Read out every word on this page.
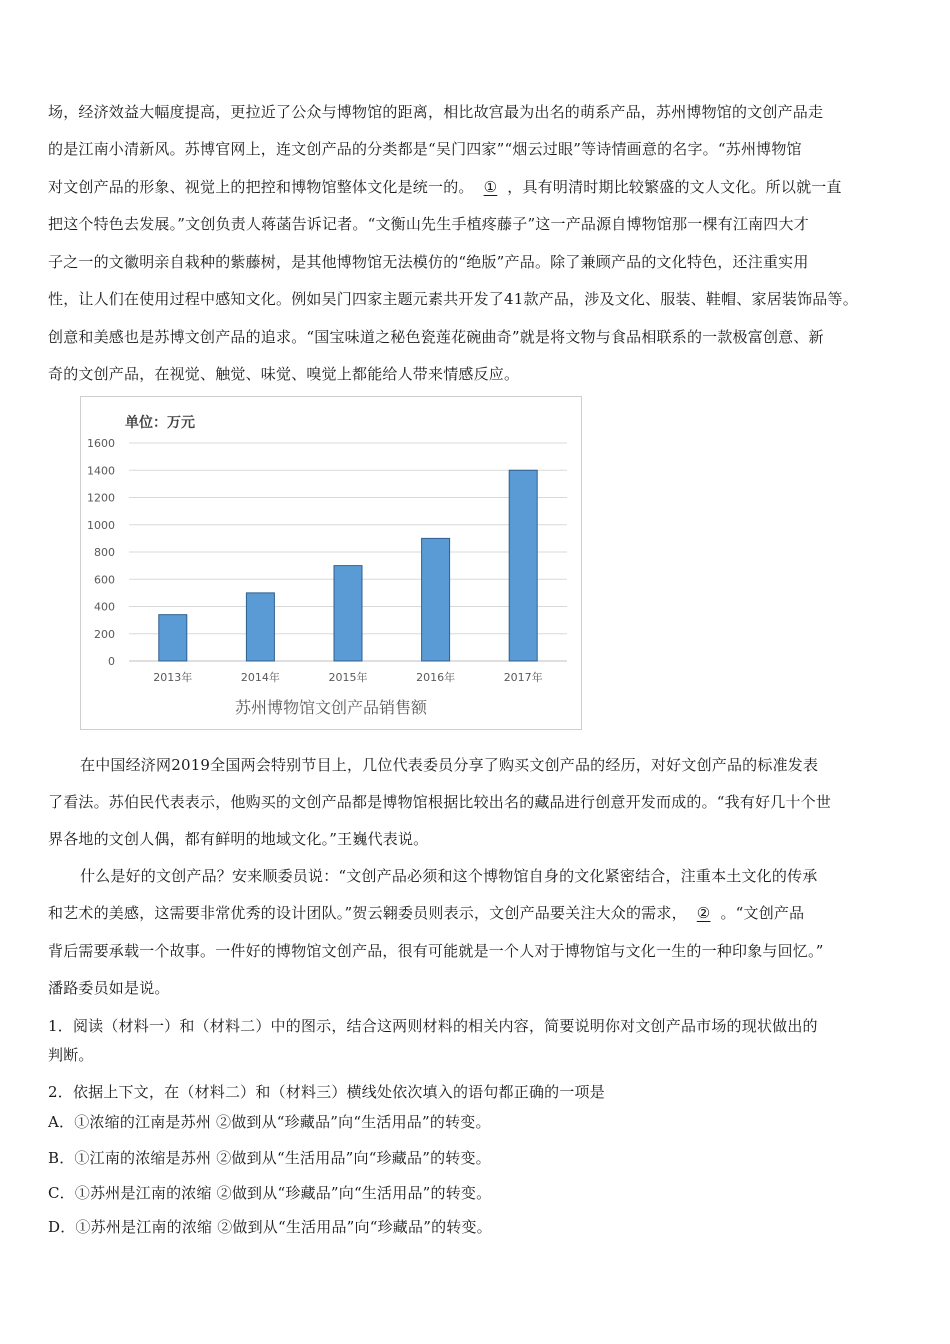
场，经济效益大幅度提高，更拉近了公众与博物馆的距离，相比故宫最为出名的萌系产品，苏州博物馆的文创产品走
的是江南小清新风。苏博官网上，连文创产品的分类都是“吴门四家”“烟云过眼”等诗情画意的名字。“苏州博物馆
对文创产品的形象、视觉上的把控和博物馆整体文化是统一的。 ① ，具有明清时期比较繁盛的文人文化。所以就一直
把这个特色去发展。”文创负责人蒋菡告诉记者。“文衡山先生手植疼藤子”这一产品源自博物馆那一棵有江南四大才
子之一的文徽明亲自栽种的紫藤树，是其他博物馆无法模仿的“绝版”产品。除了兼顾产品的文化特色，还注重实用
性，让人们在使用过程中感知文化。例如吴门四家主题元素共开发了41款产品，涉及文化、服装、鞋帽、家居装饰品等。
创意和美感也是苏博文创产品的追求。“国宝味道之秘色瓷莲花碗曲奇”就是将文物与食品相联系的一款极富创意、新
奇的文创产品，在视觉、触觉、味觉、嗅觉上都能给人带来情感反应。
单位：万元
0
200
400
600
800
1000
1200
1400
1600
2013年	2014年	2015年	2016年	2017年
苏州博物馆文创产品销售额
在中国经济网2019全国两会特别节目上，几位代表委员分享了购买文创产品的经历，对好文创产品的标准发表
了看法。苏伯民代表表示，他购买的文创产品都是博物馆根据比较出名的藏品进行创意开发而成的。“我有好几十个世
界各地的文创人偶，都有鲜明的地域文化。”王巍代表说。
什么是好的文创产品？安来顺委员说：“文创产品必须和这个博物馆自身的文化紧密结合，注重本土文化的传承
和艺术的美感，这需要非常优秀的设计团队。”贺云翱委员则表示，文创产品要关注大众的需求， ② 。“文创产品
背后需要承载一个故事。一件好的博物馆文创产品，很有可能就是一个人对于博物馆与文化一生的一种印象与回忆。”
潘路委员如是说。
1．阅读（材料一）和（材料二）中的图示，结合这两则材料的相关内容，简要说明你对文创产品市场的现状做出的
判断。
2．依据上下文，在（材料二）和（材料三）横线处依次填入的语句都正确的一项是
A．①浓缩的江南是苏州 ②做到从“珍藏品”向“生活用品”的转变。
B．①江南的浓缩是苏州 ②做到从“生活用品”向“珍藏品”的转变。
C．①苏州是江南的浓缩 ②做到从“珍藏品”向“生活用品”的转变。
D．①苏州是江南的浓缩 ②做到从“生活用品”向“珍藏品”的转变。
